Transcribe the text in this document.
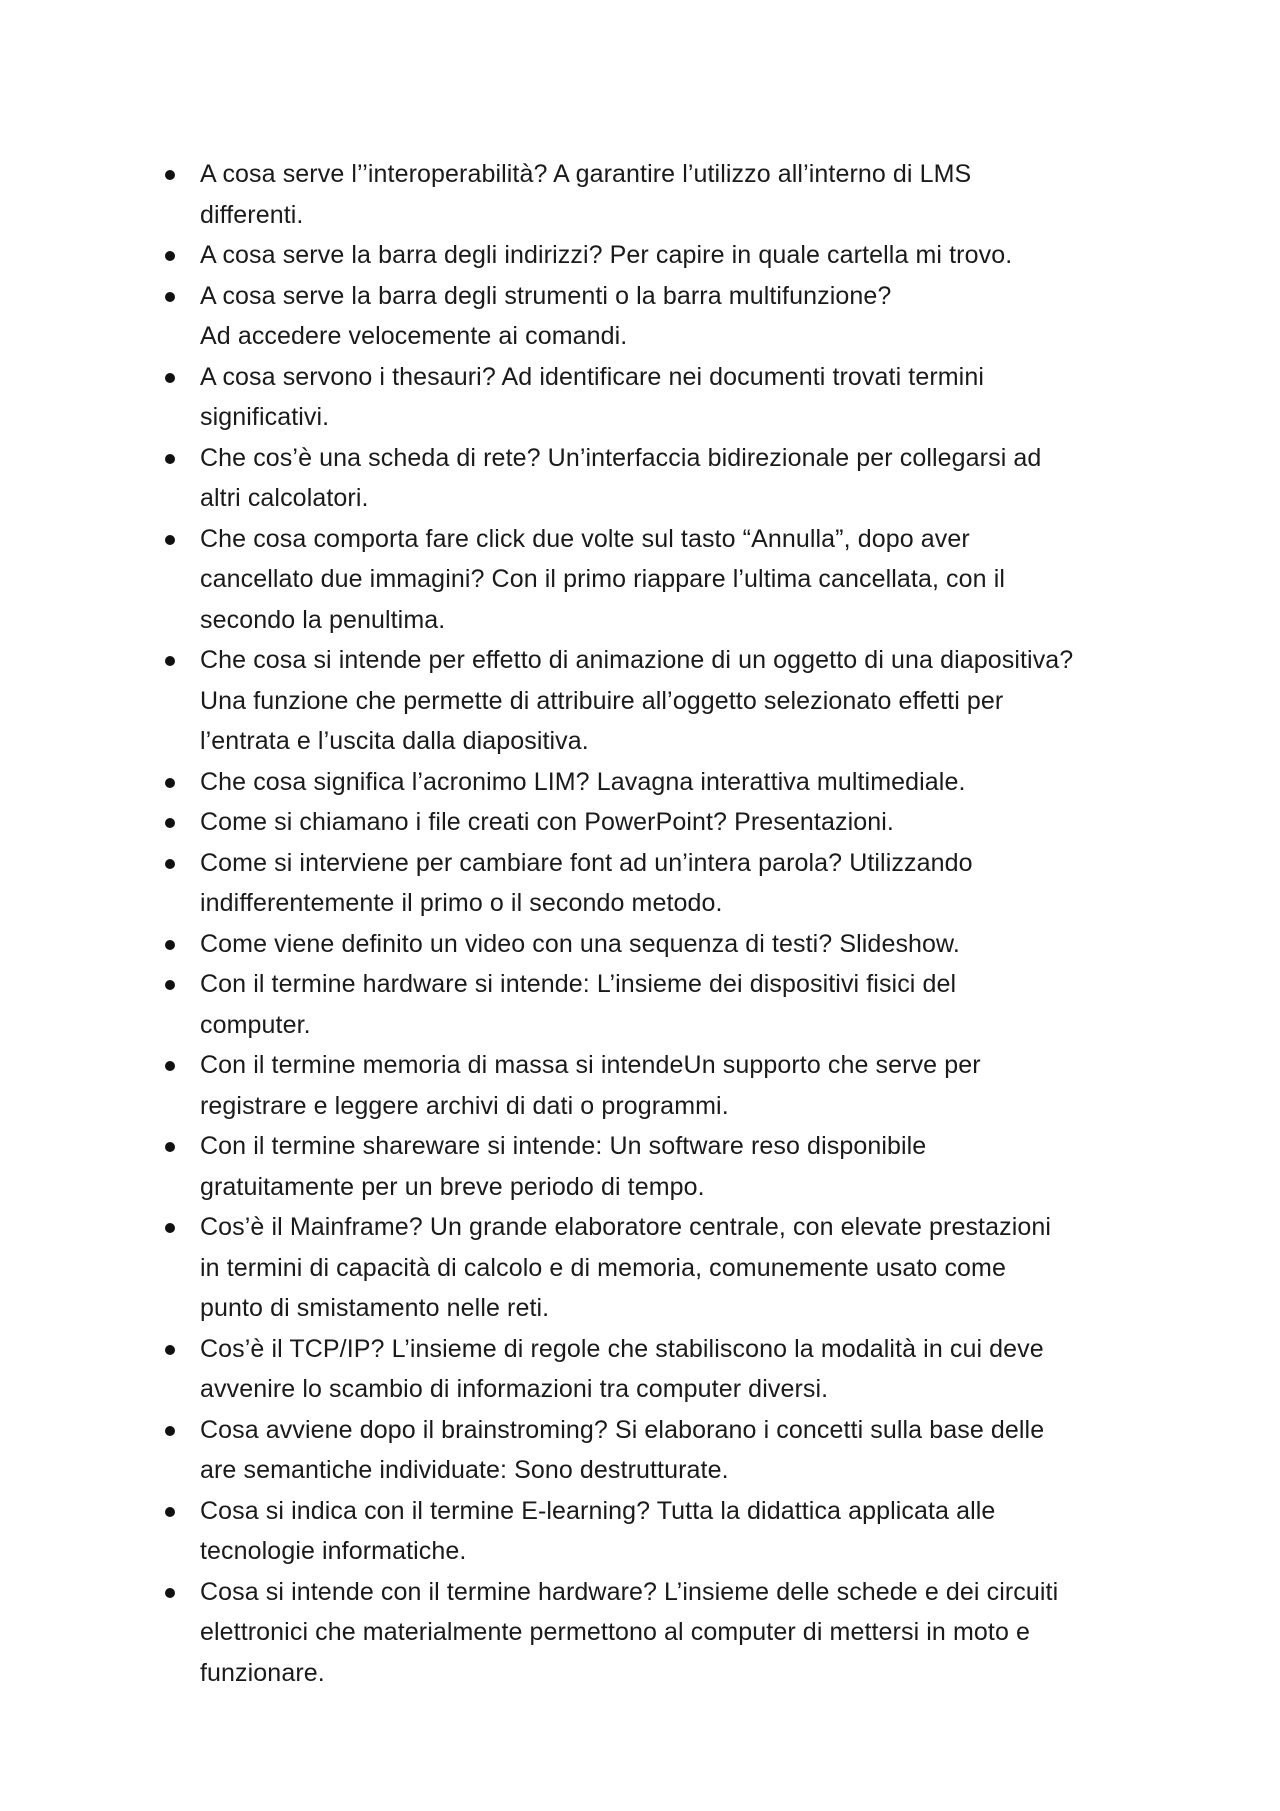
A cosa serve l’’interoperabilità? A garantire l’utilizzo all’interno di LMS
differenti.
A cosa serve la barra degli indirizzi? Per capire in quale cartella mi trovo.
A cosa serve la barra degli strumenti o la barra multifunzione?
Ad accedere velocemente ai comandi.
A cosa servono i thesauri? Ad identificare nei documenti trovati termini
significativi.
Che cos’è una scheda di rete? Un’interfaccia bidirezionale per collegarsi ad
altri calcolatori.
Che cosa comporta fare click due volte sul tasto “Annulla”, dopo aver
cancellato due immagini? Con il primo riappare l’ultima cancellata, con il
secondo la penultima.
Che cosa si intende per effetto di animazione di un oggetto di una diapositiva?
Una funzione che permette di attribuire all’oggetto selezionato effetti per
l’entrata e l’uscita dalla diapositiva.
Che cosa significa l’acronimo LIM? Lavagna interattiva multimediale.
Come si chiamano i file creati con PowerPoint? Presentazioni.
Come si interviene per cambiare font ad un’intera parola? Utilizzando
indifferentemente il primo o il secondo metodo.
Come viene definito un video con una sequenza di testi? Slideshow.
Con il termine hardware si intende: L’insieme dei dispositivi fisici del
computer.
Con il termine memoria di massa si intendeUn supporto che serve per
registrare e leggere archivi di dati o programmi.
Con il termine shareware si intende: Un software reso disponibile
gratuitamente per un breve periodo di tempo.
Cos’è il Mainframe? Un grande elaboratore centrale, con elevate prestazioni
in termini di capacità di calcolo e di memoria, comunemente usato come
punto di smistamento nelle reti.
Cos’è il TCP/IP? L’insieme di regole che stabiliscono la modalità in cui deve
avvenire lo scambio di informazioni tra computer diversi.
Cosa avviene dopo il brainstroming? Si elaborano i concetti sulla base delle
are semantiche individuate: Sono destrutturate.
Cosa si indica con il termine E-learning? Tutta la didattica applicata alle
tecnologie informatiche.
Cosa si intende con il termine hardware? L’insieme delle schede e dei circuiti
elettronici che materialmente permettono al computer di mettersi in moto e
funzionare.
